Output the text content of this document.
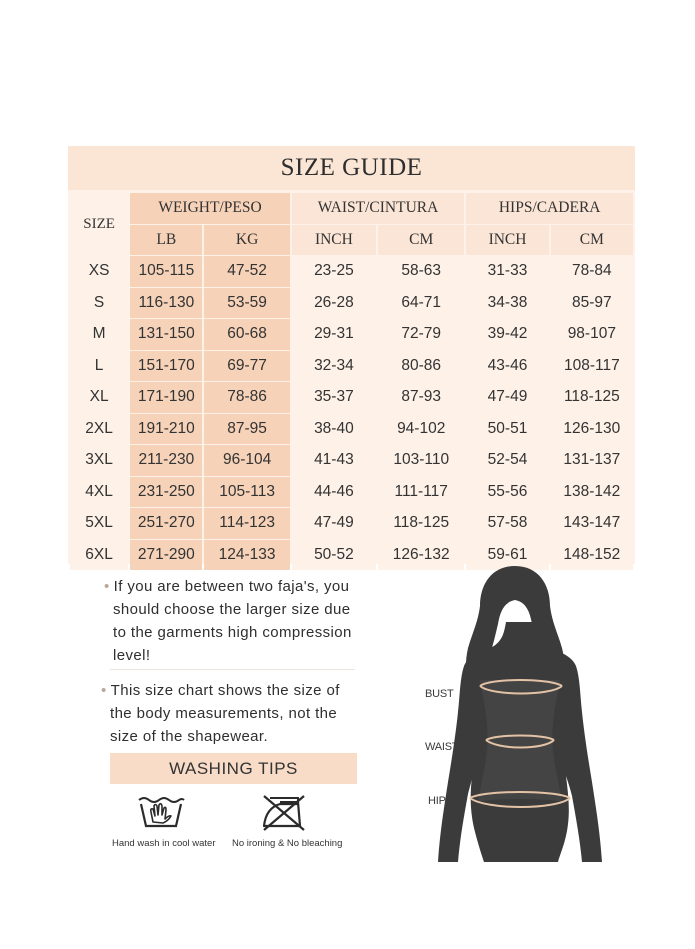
SIZE GUIDE
SIZE	WEIGHT/PESO		WAIST/CINTURA		HIPS/CADERA	
	LB	KG	INCH	CM	INCH	CM
XS	105-115	47-52	23-25	58-63	31-33	78-84
S	116-130	53-59	26-28	64-71	34-38	85-97
M	131-150	60-68	29-31	72-79	39-42	98-107
L	151-170	69-77	32-34	80-86	43-46	108-117
XL	171-190	78-86	35-37	87-93	47-49	118-125
2XL	191-210	87-95	38-40	94-102	50-51	126-130
3XL	211-230	96-104	41-43	103-110	52-54	131-137
4XL	231-250	105-113	44-46	111-117	55-56	138-142
5XL	251-270	114-123	47-49	118-125	57-58	143-147
6XL	271-290	124-133	50-52	126-132	59-61	148-152
• If you are between two faja's, you
should choose the larger size due
to the garments high compression
level!
• This size chart shows the size of
the body measurements, not the
size of the shapewear.
WASHING TIPS
Hand wash in cool water No ironing & No bleaching
BUST
WAIST
HIP
